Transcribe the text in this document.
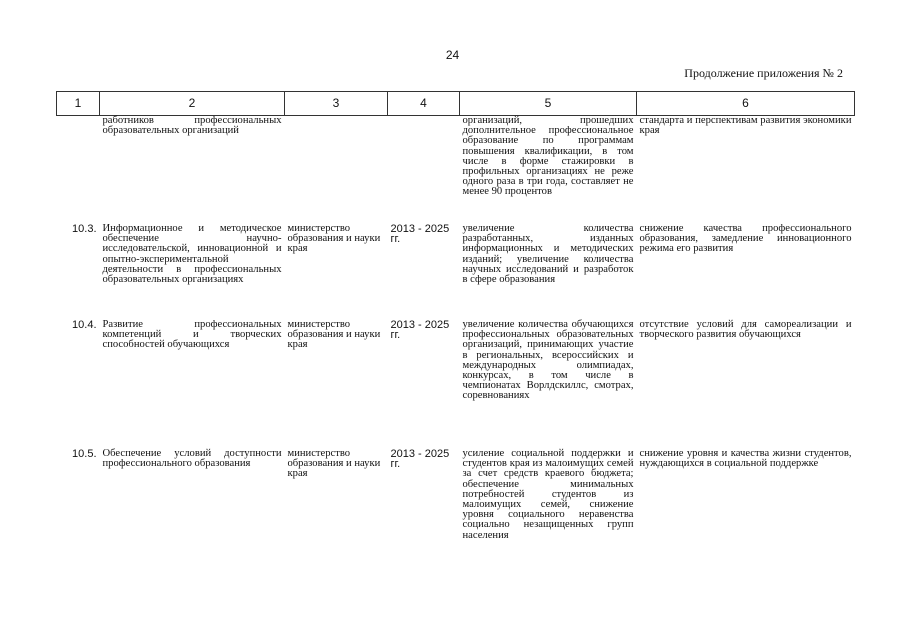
24
Продолжение приложения № 2
1	2	3	4	5	6
	работников профессиональных образовательных организаций			организаций, прошедших дополнительное профессиональное образование по программам повышения квалификации, в том числе в форме стажировки в профильных организациях не реже одного раза в три года, составляет не менее 90 процентов	стандарта и перспективам развития экономики края
10.3.	Информационное и методическое обеспечение научно-исследовательской, инновационной и опытно-экспериментальной деятельности в профессиональных образовательных организациях	министерство образования и науки края	2013 - 2025 гг.	увеличение количества разработанных, изданных информационных и методических изданий; увеличение количества научных исследований и разработок в сфере образования	снижение качества профессионального образования, замедление инновационного режима его развития
10.4.	Развитие профессиональных компетенций и творческих способностей обучающихся	министерство образования и науки края	2013 - 2025 гг.	увеличение количества обучающихся профессиональных образовательных организаций, принимающих участие в региональных, всероссийских и международных олимпиадах, конкурсах, в том числе в чемпионатах Ворлдскиллс, смотрах, соревнованиях	отсутствие условий для самореализации и творческого развития обучающихся
10.5.	Обеспечение условий доступности профессионального образования	министерство образования и науки края	2013 - 2025 гг.	усиление социальной поддержки и студентов края из малоимущих семей за счет средств краевого бюджета; обеспечение минимальных потребностей студентов из малоимущих семей, снижение уровня социального неравенства социально незащищенных групп населения	снижение уровня и качества жизни студентов, нуждающихся в социальной поддержке
